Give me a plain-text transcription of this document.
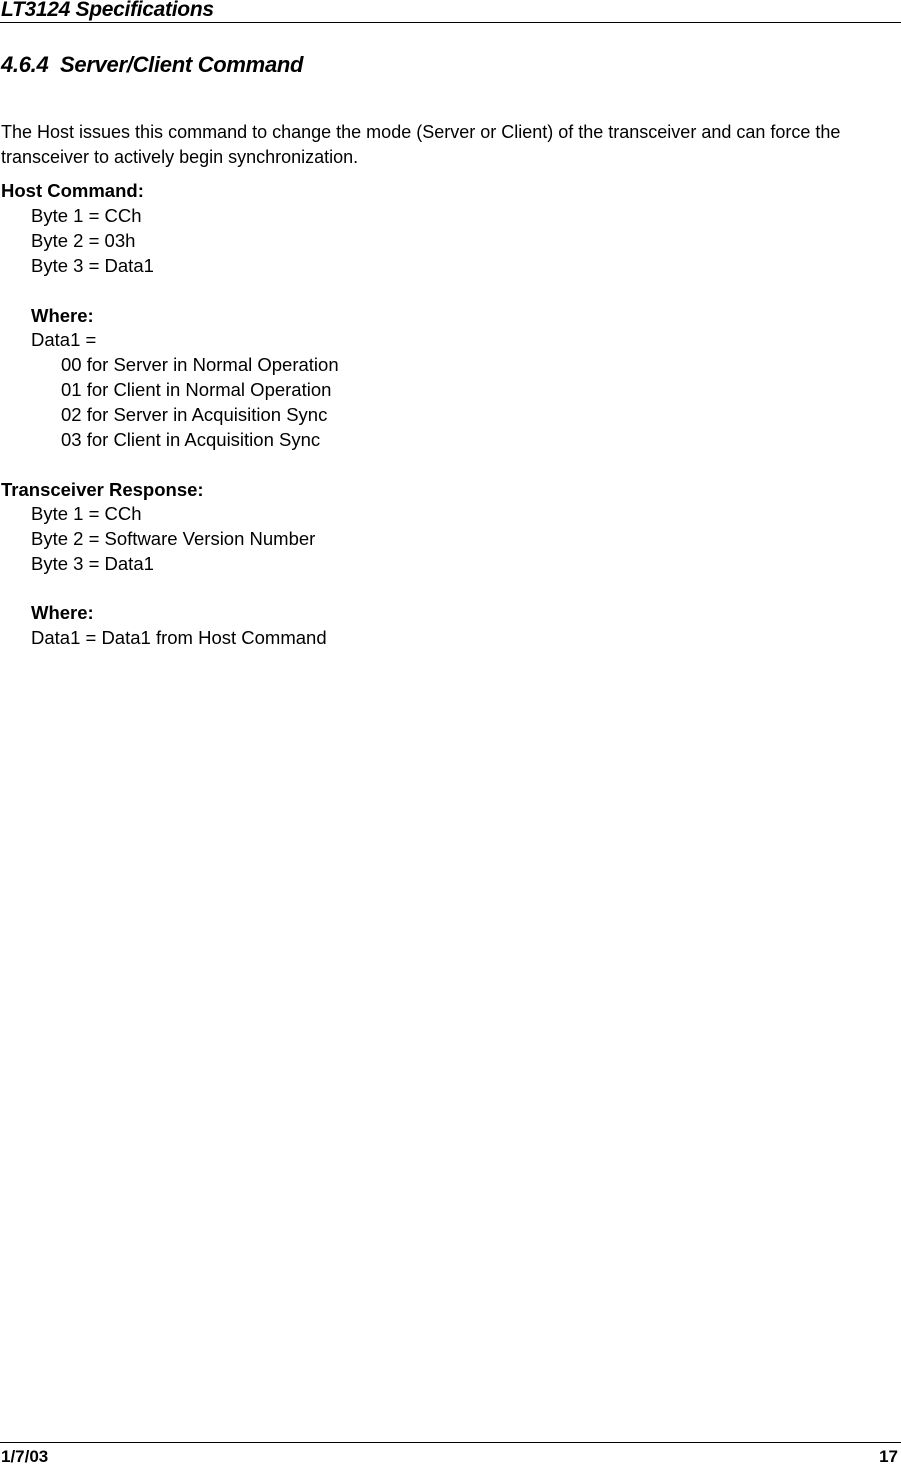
LT3124 Specifications
4.6.4  Server/Client Command
The Host issues this command to change the mode (Server or Client) of the transceiver and can force the transceiver to actively begin synchronization.
Host Command:
Byte 1 = CCh
Byte 2 = 03h
Byte 3 = Data1
Where:
Data1 =
00 for Server in Normal Operation
01 for Client in Normal Operation
02 for Server in Acquisition Sync
03 for Client in Acquisition Sync
Transceiver Response:
Byte 1 = CCh
Byte 2 = Software Version Number
Byte 3 = Data1
Where:
Data1 = Data1 from Host Command
1/7/03	17
